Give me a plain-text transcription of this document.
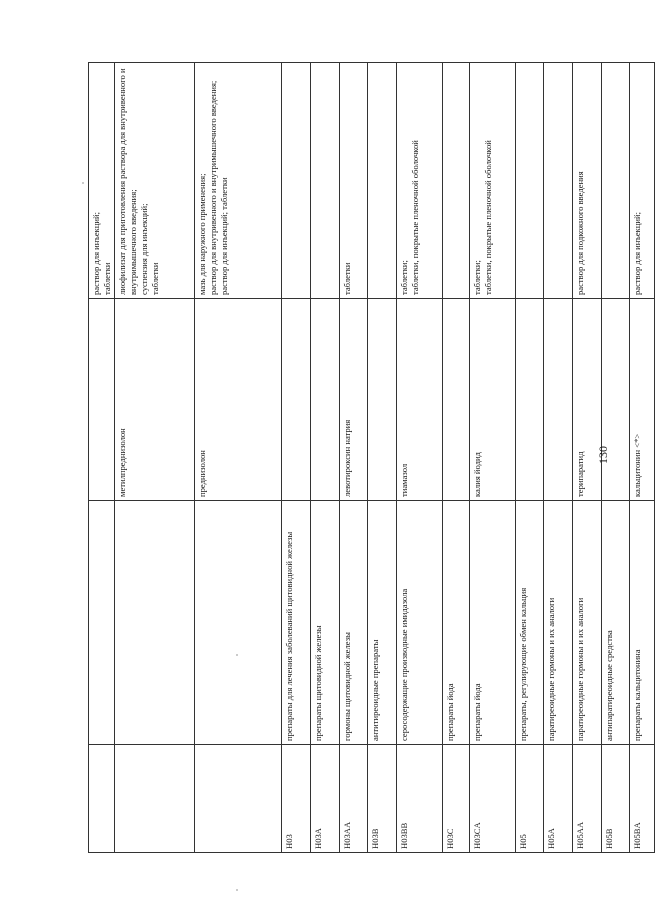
			раствор для инъекций;
таблетки
		метилпреднизолон	лиофилизат для приготовления раствора для внутривенного и внутримышечного введения;
суспензия для инъекций;
таблетки
		преднизолон	мазь для наружного применения;
раствор для внутривенного и внутримышечного введения;
раствор для инъекций; таблетки
H03	препараты для лечения заболеваний щитовидной железы		
H03A	препараты щитовидной железы		
H03AA	гормоны щитовидной железы	левотироксин натрия	таблетки
H03B	антитиреоидные препараты		
H03BB	серосодержащие производные имидазола	тиамазол	таблетки;
таблетки, покрытые пленочной оболочкой
H03C	препараты йода		
H03CA	препараты йода	калия йодид	таблетки;
таблетки, покрытые пленочной оболочкой
H05	препараты, регулирующие обмен кальция		
H05A	паратиреоидные гормоны и их аналоги		
H05AA	паратиреоидные гормоны и их аналоги	терипаратид	раствор для подкожного введения
H05B	антипаратиреоидные средства		
H05BA	препараты кальцитонина	кальцитонин <*>	раствор для инъекций;
130
